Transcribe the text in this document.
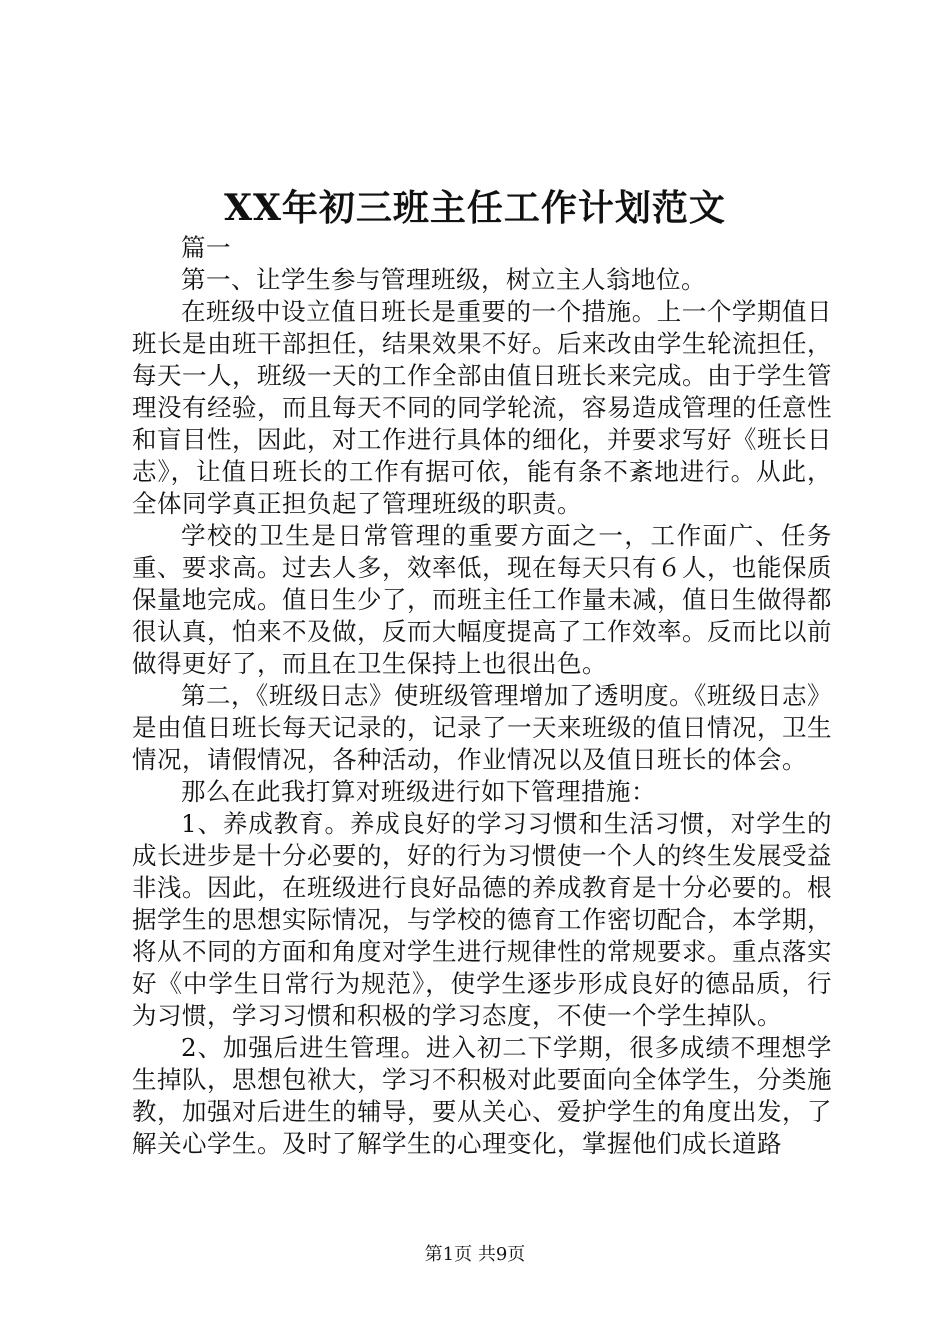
XX年初三班主任工作计划范文

篇一

第一、让学生参与管理班级，树立主人翁地位。

在班级中设立值日班长是重要的一个措施。上一个学期值日班长是由班干部担任，结果效果不好。后来改由学生轮流担任，每天一人，班级一天的工作全部由值日班长来完成。由于学生管理没有经验，而且每天不同的同学轮流，容易造成管理的任意性和盲目性，因此，对工作进行具体的细化，并要求写好《班长日志》，让值日班长的工作有据可依，能有条不紊地进行。从此，全体同学真正担负起了管理班级的职责。

学校的卫生是日常管理的重要方面之一，工作面广、任务重、要求高。过去人多，效率低，现在每天只有６人，也能保质保量地完成。值日生少了，而班主任工作量未减，值日生做得都很认真，怕来不及做，反而大幅度提高了工作效率。反而比以前做得更好了，而且在卫生保持上也很出色。

第二，《班级日志》使班级管理增加了透明度。《班级日志》是由值日班长每天记录的，记录了一天来班级的值日情况，卫生情况，请假情况，各种活动，作业情况以及值日班长的体会。

那么在此我打算对班级进行如下管理措施：

1、养成教育。养成良好的学习习惯和生活习惯，对学生的成长进步是十分必要的，好的行为习惯使一个人的终生发展受益非浅。因此，在班级进行良好品德的养成教育是十分必要的。根据学生的思想实际情况，与学校的德育工作密切配合，本学期，将从不同的方面和角度对学生进行规律性的常规要求。重点落实好《中学生日常行为规范》，使学生逐步形成良好的德品质，行为习惯，学习习惯和积极的学习态度，不使一个学生掉队。

2、加强后进生管理。进入初二下学期，很多成绩不理想学生掉队，思想包袱大，学习不积极对此要面向全体学生，分类施教，加强对后进生的辅导，要从关心、爱护学生的角度出发，了解关心学生。及时了解学生的心理变化，掌握他们成长道路

第1页 共9页
